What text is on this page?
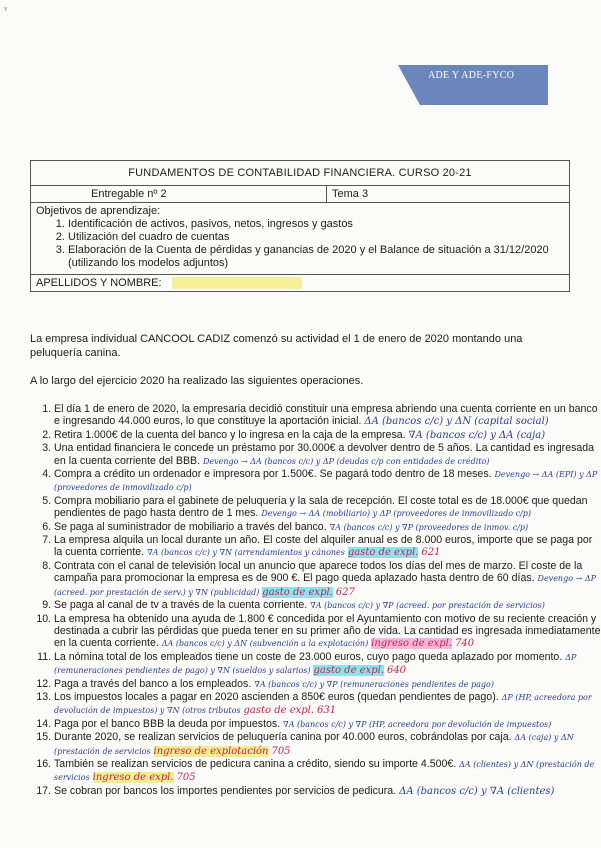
ʸ
ADE Y ADE-FYCO
FUNDAMENTOS DE CONTABILIDAD FINANCIERA. CURSO 20-21
Entregable nº 2	Tema 3

Objetivos de aprendizaje:
1. Identificación de activos, pasivos, netos, ingresos y gastos
2. Utilización del cuadro de cuentas
3. Elaboración de la Cuenta de pérdidas y ganancias de 2020 y el Balance de situación a 31/12/2020 (utilizando los modelos adjuntos)

APELLIDOS Y NOMBRE:
La empresa individual CANCOOL CADIZ comenzó su actividad el 1 de enero de 2020 montando una peluquería canina.
A lo largo del ejercicio 2020 ha realizado las siguientes operaciones.
1. El día 1 de enero de 2020, la empresaria decidió constituir una empresa abriendo una cuenta corriente en un banco e ingresando 44.000 euros, lo que constituye la aportación inicial. ΔA (bancos c/c) y ΔN (capital social)
2. Retira 1.000€ de la cuenta del banco y lo ingresa en la caja de la empresa. ∇A (bancos c/c) y ΔA (caja)
3. Una entidad financiera le concede un préstamo por 30.000€ a devolver dentro de 5 años. La cantidad es ingresada en la cuenta corriente del BBB. Devengo → ΔA (bancos c/c) y ΔP (deudas c/p con entidades de crédito)
4. Compra a crédito un ordenador e impresora por 1.500€. Se pagará todo dentro de 18 meses. Devengo → ΔA (EPI) y ΔP (proveedores de inmovilizado c/p)
5. Compra mobiliario para el gabinete de peluquería y la sala de recepción. El coste total es de 18.000€ que quedan pendientes de pago hasta dentro de 1 mes. Devengo → ΔA (mobiliario) y ΔP (proveedores de inmovilizado c/p)
6. Se paga al suministrador de mobiliario a través del banco. ∇A (bancos c/c) y ∇P (proveedores de inmov. c/p)
7. La empresa alquila un local durante un año. El coste del alquiler anual es de 8.000 euros, importe que se paga por la cuenta corriente. ∇A (bancos c/c) y ∇N (arrendamientos y cánones gasto de expl. 621
8. Contrata con el canal de televisión local un anuncio que aparece todos los días del mes de marzo. El coste de la campaña para promocionar la empresa es de 900 €. El pago queda aplazado hasta dentro de 60 días. Devengo → ΔP (acreed. por prestación de serv.) y ∇N (publicidad) gasto de expl. 627
9. Se paga al canal de tv a través de la cuenta corriente. ∇A (bancos c/c) y ∇P (acreed. por prestación de servicios)
10. La empresa ha obtenido una ayuda de 1.800 € concedida por el Ayuntamiento con motivo de su reciente creación y destinada a cubrir las pérdidas que pueda tener en su primer año de vida. La cantidad es ingresada inmediatamente en la cuenta corriente. ΔA (bancos c/c) y ΔN (subvención a la explotación) ingreso de expl. 740
11. La nómina total de los empleados tiene un coste de 23.000 euros, cuyo pago queda aplazado por momento. ΔP (remuneraciones pendientes de pago) y ∇N (sueldos y salarios) gasto de expl. 640
12. Paga a través del banco a los empleados. ∇A (bancos c/c) y ∇P (remuneraciones pendientes de pago)
13. Los impuestos locales a pagar en 2020 ascienden a 850€ euros (quedan pendientes de pago). ΔP (HP, acreedora por devolución de impuestos) y ∇N (otros tributos gasto de expl. 631
14. Paga por el banco BBB la deuda por impuestos. ∇A (bancos c/c) y ∇P (HP, acreedora por devolución de impuestos)
15. Durante 2020, se realizan servicios de peluquería canina por 40.000 euros, cobrándolas por caja. ΔA (caja) y ΔN (prestación de servicios ingreso de explotación 705
16. También se realizan servicios de pedicura canina a crédito, siendo su importe 4.500€. ΔA (clientes) y ΔN (prestación de servicios ingreso de expl. 705
17. Se cobran por bancos los importes pendientes por servicios de pedicura. ΔA (bancos c/c) y ∇A (clientes)
